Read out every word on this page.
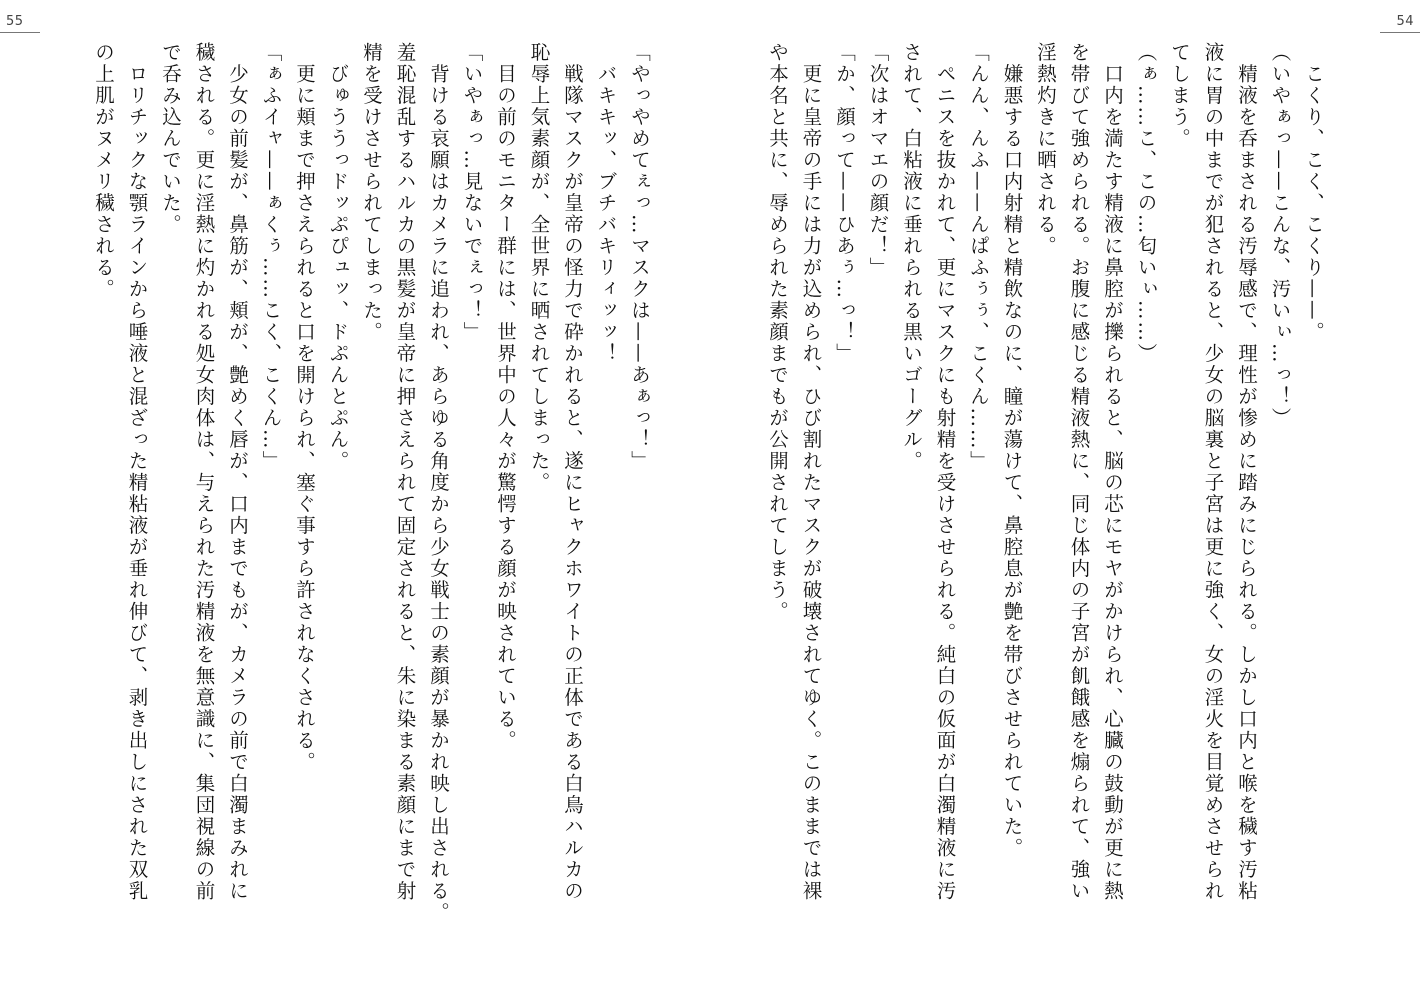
55
「やっやめてぇっ…マスクは——あぁっ！」
　バキキッ、ブチバキリィッッ！
　戦隊マスクが皇帝の怪力で砕かれると、遂にヒャクホワイトの正体である白鳥ハルカの
恥辱上気素顔が、全世界に晒されてしまった。
　目の前のモニター群には、世界中の人々が驚愕する顔が映されている。
「いやぁっ…見ないでぇっ！」
　背ける哀願はカメラに追われ、あらゆる角度から少女戦士の素顔が暴かれ映し出される。
羞恥混乱するハルカの黒髪が皇帝に押さえられて固定されると、朱に染まる素顔にまで射
精を受けさせられてしまった。
　びゅううっドッぷぴュッ、ドぷんとぷん。
　更に頬まで押さえられると口を開けられ、塞ぐ事すら許されなくされる。
「ぁふイャ——ぁくぅ……こく、こくん…」
　少女の前髪が、鼻筋が、頬が、艶めく唇が、口内までもが、カメラの前で白濁まみれに
穢される。更に淫熱に灼かれる処女肉体は、与えられた汚精液を無意識に、集団視線の前
で呑み込んでいた。
　ロリチックな顎ラインから唾液と混ざった精粘液が垂れ伸びて、剥き出しにされた双乳
の上肌がヌメリ穢される。
54
　こくり、こく、こくり——。
（いやぁっ——こんな、汚いぃ…っ！）
　精液を呑まされる汚辱感で、理性が惨めに踏みにじられる。しかし口内と喉を穢す汚粘
液に胃の中までが犯されると、少女の脳裏と子宮は更に強く、女の淫火を目覚めさせられ
てしまう。
（ぁ……こ、この…匂いぃ……）
　口内を満たす精液に鼻腔が擽られると、脳の芯にモヤがかけられ、心臓の鼓動が更に熱
を帯びて強められる。お腹に感じる精液熱に、同じ体内の子宮が飢餓感を煽られて、強い
淫熱灼きに晒される。
　嫌悪する口内射精と精飲なのに、瞳が蕩けて、鼻腔息が艶を帯びさせられていた。
「んん、んふ——んぱふぅぅ、こくん……」
　ペニスを抜かれて、更にマスクにも射精を受けさせられる。純白の仮面が白濁精液に汚
されて、白粘液に垂れられる黒いゴーグル。
「次はオマエの顔だ！」
「か、顔って——ひあぅ…っ！」
　更に皇帝の手には力が込められ、ひび割れたマスクが破壊されてゆく。このままでは裸
や本名と共に、辱められた素顔までもが公開されてしまう。
